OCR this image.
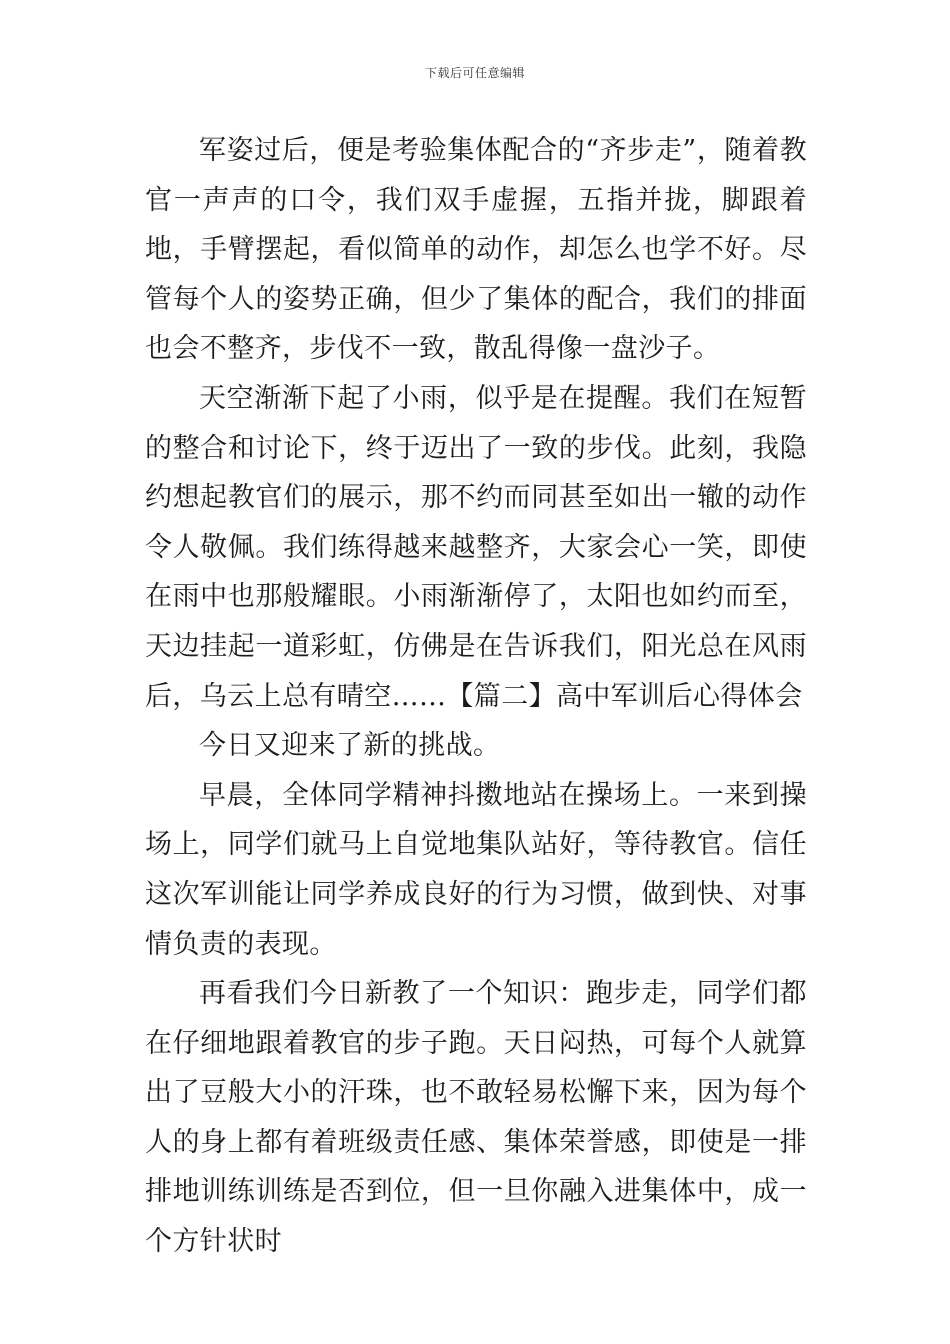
下载后可任意编辑

军姿过后，便是考验集体配合的“齐步走”，随着教官一声声的口令，我们双手虚握，五指并拢，脚跟着地，手臂摆起，看似简单的动作，却怎么也学不好。尽管每个人的姿势正确，但少了集体的配合，我们的排面也会不整齐，步伐不一致，散乱得像一盘沙子。

天空渐渐下起了小雨，似乎是在提醒。我们在短暂的整合和讨论下，终于迈出了一致的步伐。此刻，我隐约想起教官们的展示，那不约而同甚至如出一辙的动作令人敬佩。我们练得越来越整齐，大家会心一笑，即使在雨中也那般耀眼。小雨渐渐停了，太阳也如约而至，天边挂起一道彩虹，仿佛是在告诉我们，阳光总在风雨后，乌云上总有晴空……【篇二】高中军训后心得体会

今日又迎来了新的挑战。

早晨，全体同学精神抖擞地站在操场上。一来到操场上，同学们就马上自觉地集队站好，等待教官。信任这次军训能让同学养成良好的行为习惯，做到快、对事情负责的表现。

再看我们今日新教了一个知识：跑步走，同学们都在仔细地跟着教官的步子跑。天日闷热，可每个人就算出了豆般大小的汗珠，也不敢轻易松懈下来，因为每个人的身上都有着班级责任感、集体荣誉感，即使是一排排地训练训练是否到位，但一旦你融入进集体中，成一个方针状时
